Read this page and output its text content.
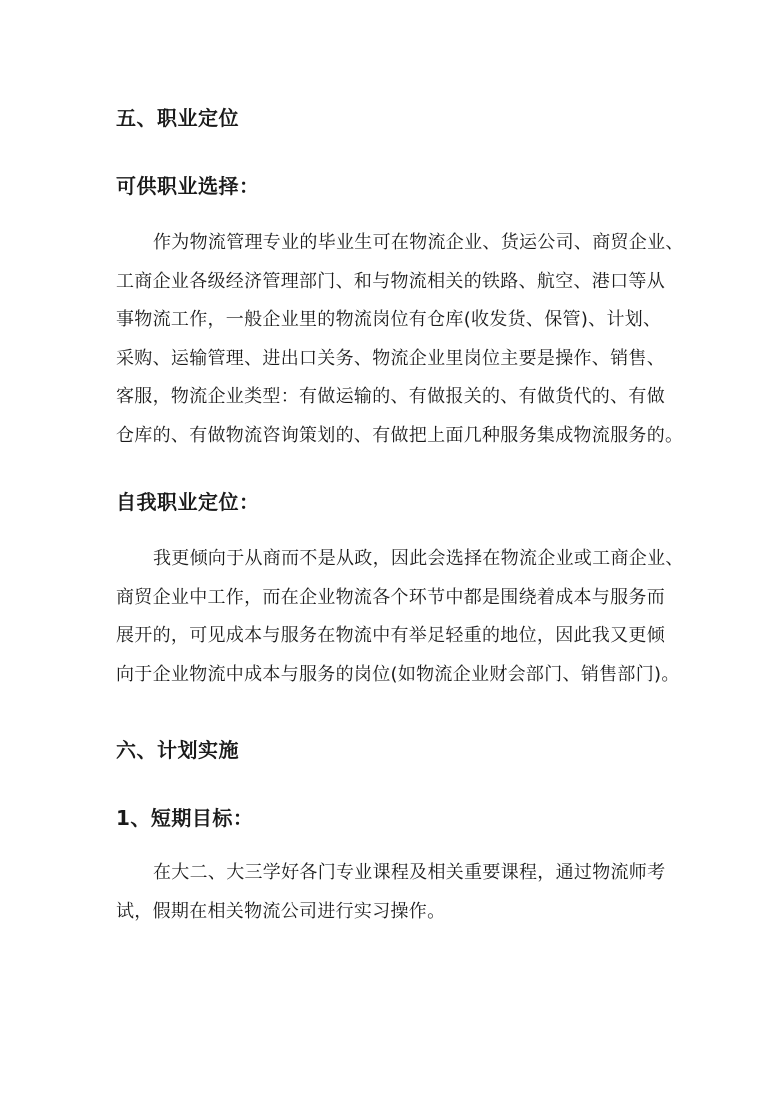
五、职业定位
可供职业选择：
作为物流管理专业的毕业生可在物流企业、货运公司、商贸企业、
工商企业各级经济管理部门、和与物流相关的铁路、航空、港口等从
事物流工作，一般企业里的物流岗位有仓库(收发货、保管)、计划、
采购、运输管理、进出口关务、物流企业里岗位主要是操作、销售、
客服，物流企业类型：有做运输的、有做报关的、有做货代的、有做
仓库的、有做物流咨询策划的、有做把上面几种服务集成物流服务的。
自我职业定位：
我更倾向于从商而不是从政，因此会选择在物流企业或工商企业、
商贸企业中工作，而在企业物流各个环节中都是围绕着成本与服务而
展开的，可见成本与服务在物流中有举足轻重的地位，因此我又更倾
向于企业物流中成本与服务的岗位(如物流企业财会部门、销售部门)。
六、计划实施
1、短期目标：
在大二、大三学好各门专业课程及相关重要课程，通过物流师考
试，假期在相关物流公司进行实习操作。
